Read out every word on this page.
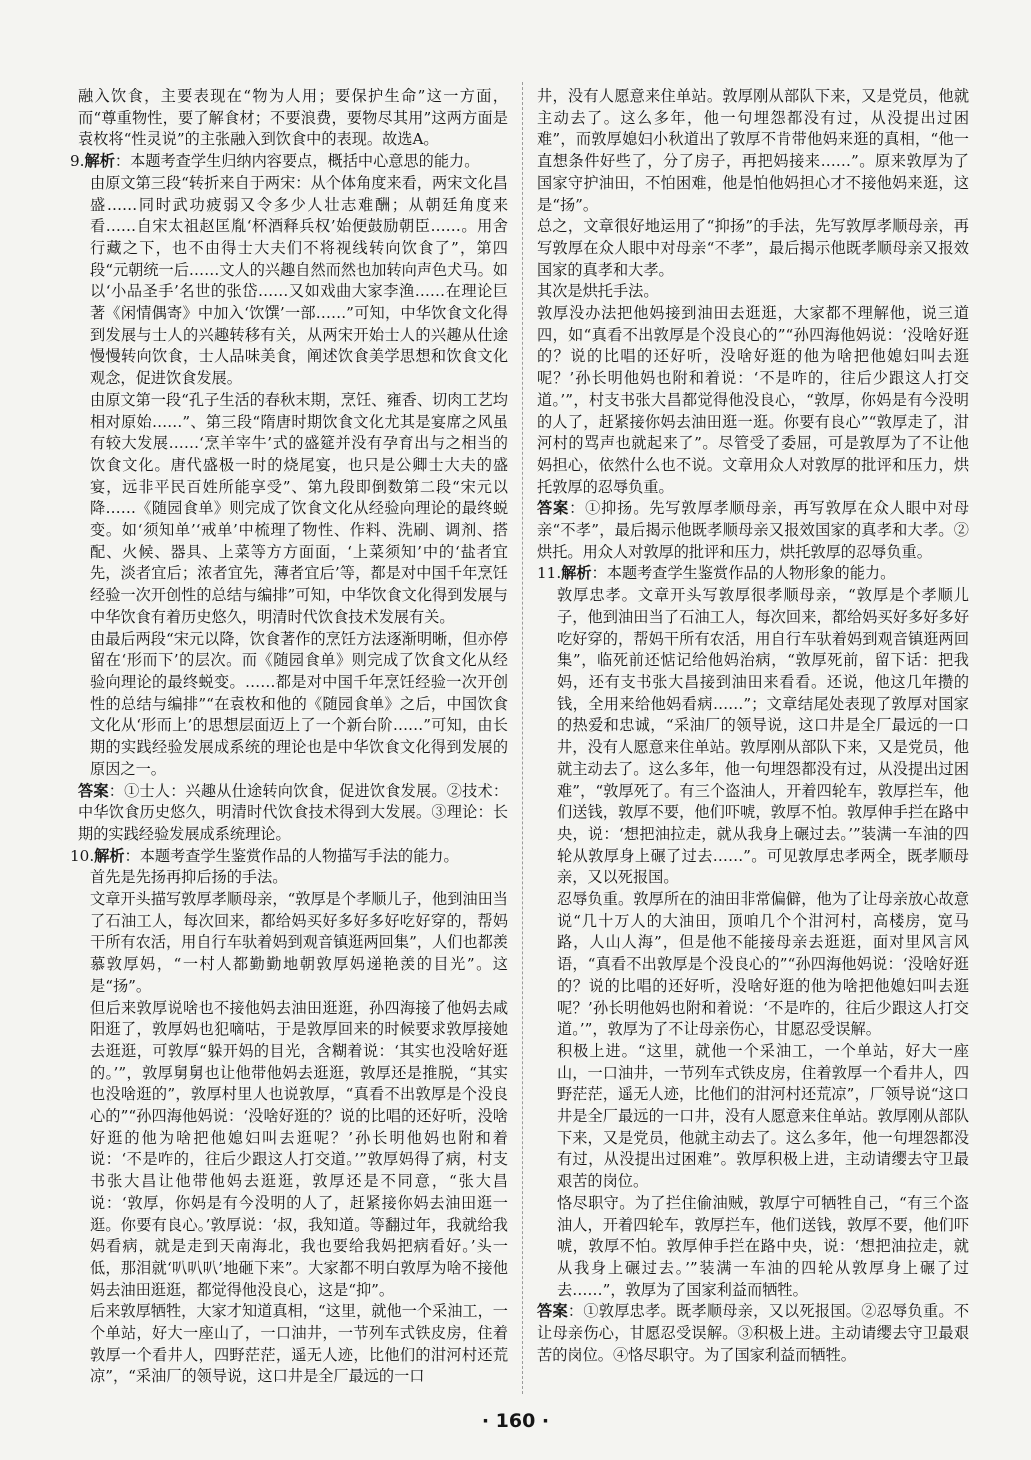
融入饮食，主要表现在“物为人用；要保护生命”这一方面，而“尊重物性，要了解食材；不要浪费，要物尽其用”这两方面是袁枚将“性灵说”的主张融入到饮食中的表现。故选A。

9.解析：本题考查学生归纳内容要点，概括中心意思的能力。

由原文第三段“转折来自于两宋：从个体角度来看，两宋文化昌盛……同时武功疲弱又令多少人壮志难酬；从朝廷角度来看……自宋太祖赵匡胤‘杯酒释兵权’始便鼓励朝臣……。用舍行藏之下，也不由得士大夫们不将视线转向饮食了”，第四段“元朝统一后……文人的兴趣自然而然也加转向声色犬马。如以‘小品圣手’名世的张岱……又如戏曲大家李渔……在理论巨著《闲情偶寄》中加入‘饮馔’一部……”可知，中华饮食文化得到发展与士人的兴趣转移有关，从两宋开始士人的兴趣从仕途慢慢转向饮食，士人品味美食，阐述饮食美学思想和饮食文化观念，促进饮食发展。

由原文第一段“孔子生活的春秋末期，烹饪、雍香、切肉工艺均相对原始……”、第三段“隋唐时期饮食文化尤其是宴席之风虽有较大发展……‘烹羊宰牛’式的盛筵并没有孕育出与之相当的饮食文化。唐代盛极一时的烧尾宴，也只是公卿士大夫的盛宴，远非平民百姓所能享受”、第九段即倒数第二段“宋元以降……《随园食单》则完成了饮食文化从经验向理论的最终蜕变。如‘须知单’‘戒单’中梳理了物性、作料、洗刷、调剂、搭配、火候、器具、上菜等方方面面，‘上菜须知’中的‘盐者宜先，淡者宜后；浓者宜先，薄者宜后’等，都是对中国千年烹饪经验一次开创性的总结与编排”可知，中华饮食文化得到发展与中华饮食有着历史悠久，明清时代饮食技术发展有关。

由最后两段“宋元以降，饮食著作的烹饪方法逐渐明晰，但亦停留在‘形而下’的层次。而《随园食单》则完成了饮食文化从经验向理论的最终蜕变。……都是对中国千年烹饪经验一次开创性的总结与编排”“在袁枚和他的《随园食单》之后，中国饮食文化从‘形而上’的思想层面迈上了一个新台阶……”可知，由长期的实践经验发展成系统的理论也是中华饮食文化得到发展的原因之一。

答案：①士人：兴趣从仕途转向饮食，促进饮食发展。②技术：中华饮食历史悠久，明清时代饮食技术得到大发展。③理论：长期的实践经验发展成系统理论。

10.解析：本题考查学生鉴赏作品的人物描写手法的能力。

首先是先扬再抑后扬的手法。

文章开头描写敦厚孝顺母亲，“敦厚是个孝顺儿子，他到油田当了石油工人，每次回来，都给妈买好多好多好吃好穿的，帮妈干所有农活，用自行车驮着妈到观音镇逛两回集”，人们也都羡慕敦厚妈，“一村人都勤勤地朝敦厚妈递艳羡的目光”。这是“扬”。

但后来敦厚说啥也不接他妈去油田逛逛，孙四海接了他妈去咸阳逛了，敦厚妈也犯嘀咕，于是敦厚回来的时候要求敦厚接她去逛逛，可敦厚“躲开妈的目光，含糊着说：‘其实也没啥好逛的。’”，敦厚舅舅也让他带他妈去逛逛，敦厚还是推脱，“其实也没啥逛的”，敦厚村里人也说敦厚，“真看不出敦厚是个没良心的”“孙四海他妈说：‘没啥好逛的？说的比唱的还好听，没啥好逛的他为啥把他媳妇叫去逛呢？’孙长明他妈也附和着说：‘不是咋的，往后少跟这人打交道。’”敦厚妈得了病，村支书张大昌让他带他妈去逛逛，敦厚还是不同意，“张大昌说：‘敦厚，你妈是有今没明的人了，赶紧接你妈去油田逛一逛。你要有良心。’敦厚说：‘叔，我知道。等翻过年，我就给我妈看病，就是走到天南海北，我也要给我妈把病看好。’头一低，那泪就‘叭叭叭’地砸下来”。大家都不明白敦厚为啥不接他妈去油田逛逛，都觉得他没良心，这是“抑”。

后来敦厚牺牲，大家才知道真相，“这里，就他一个采油工，一个单站，好大一座山了，一口油井，一节列车式铁皮房，住着敦厚一个看井人，四野茫茫，遥无人迹，比他们的泔河村还荒凉”，“采油厂的领导说，这口井是全厂最远的一口

井，没有人愿意来住单站。敦厚刚从部队下来，又是党员，他就主动去了。这么多年，他一句埋怨都没有过，从没提出过困难”，而敦厚媳妇小秋道出了敦厚不肯带他妈来逛的真相，“他一直想条件好些了，分了房子，再把妈接来……”。原来敦厚为了国家守护油田，不怕困难，他是怕他妈担心才不接他妈来逛，这是“扬”。

总之，文章很好地运用了“抑扬”的手法，先写敦厚孝顺母亲，再写敦厚在众人眼中对母亲“不孝”，最后揭示他既孝顺母亲又报效国家的真孝和大孝。

其次是烘托手法。

敦厚没办法把他妈接到油田去逛逛，大家都不理解他，说三道四，如“真看不出敦厚是个没良心的”“孙四海他妈说：‘没啥好逛的？说的比唱的还好听，没啥好逛的他为啥把他媳妇叫去逛呢？’孙长明他妈也附和着说：‘不是咋的，往后少跟这人打交道。’”，村支书张大昌都觉得他没良心，“敦厚，你妈是有今没明的人了，赶紧接你妈去油田逛一逛。你要有良心”“敦厚走了，泔河村的骂声也就起来了”。尽管受了委屈，可是敦厚为了不让他妈担心，依然什么也不说。文章用众人对敦厚的批评和压力，烘托敦厚的忍辱负重。

答案：①抑扬。先写敦厚孝顺母亲，再写敦厚在众人眼中对母亲“不孝”，最后揭示他既孝顺母亲又报效国家的真孝和大孝。②烘托。用众人对敦厚的批评和压力，烘托敦厚的忍辱负重。

11.解析：本题考查学生鉴赏作品的人物形象的能力。

敦厚忠孝。文章开头写敦厚很孝顺母亲，“敦厚是个孝顺儿子，他到油田当了石油工人，每次回来，都给妈买好多好多好吃好穿的，帮妈干所有农活，用自行车驮着妈到观音镇逛两回集”，临死前还惦记给他妈治病，“敦厚死前，留下话：把我妈，还有支书张大昌接到油田来看看。还说，他这几年攒的钱，全用来给他妈看病……”；文章结尾处表现了敦厚对国家的热爱和忠诚，“采油厂的领导说，这口井是全厂最远的一口井，没有人愿意来住单站。敦厚刚从部队下来，又是党员，他就主动去了。这么多年，他一句埋怨都没有过，从没提出过困难”，“敦厚死了。有三个盗油人，开着四轮车，敦厚拦车，他们送钱，敦厚不要，他们吓唬，敦厚不怕。敦厚伸手拦在路中央，说：‘想把油拉走，就从我身上碾过去。’”装满一车油的四轮从敦厚身上碾了过去……”。可见敦厚忠孝两全，既孝顺母亲，又以死报国。

忍辱负重。敦厚所在的油田非常偏僻，他为了让母亲放心故意说“几十万人的大油田，顶咱几个个泔河村，高楼房，宽马路，人山人海”，但是他不能接母亲去逛逛，面对里风言风语，“真看不出敦厚是个没良心的”“孙四海他妈说：‘没啥好逛的？说的比唱的还好听，没啥好逛的他为啥把他媳妇叫去逛呢？’孙长明他妈也附和着说：‘不是咋的，往后少跟这人打交道。’”，敦厚为了不让母亲伤心，甘愿忍受误解。

积极上进。“这里，就他一个采油工，一个单站，好大一座山，一口油井，一节列车式铁皮房，住着敦厚一个看井人，四野茫茫，遥无人迹，比他们的泔河村还荒凉”，厂领导说“这口井是全厂最远的一口井，没有人愿意来住单站。敦厚刚从部队下来，又是党员，他就主动去了。这么多年，他一句埋怨都没有过，从没提出过困难”。敦厚积极上进，主动请缨去守卫最艰苦的岗位。

恪尽职守。为了拦住偷油贼，敦厚宁可牺牲自己，“有三个盗油人，开着四轮车，敦厚拦车，他们送钱，敦厚不要，他们吓唬，敦厚不怕。敦厚伸手拦在路中央，说：‘想把油拉走，就从我身上碾过去。’”装满一车油的四轮从敦厚身上碾了过去……”，敦厚为了国家利益而牺牲。

答案：①敦厚忠孝。既孝顺母亲，又以死报国。②忍辱负重。不让母亲伤心，甘愿忍受误解。③积极上进。主动请缨去守卫最艰苦的岗位。④恪尽职守。为了国家利益而牺牲。

· 160 ·
